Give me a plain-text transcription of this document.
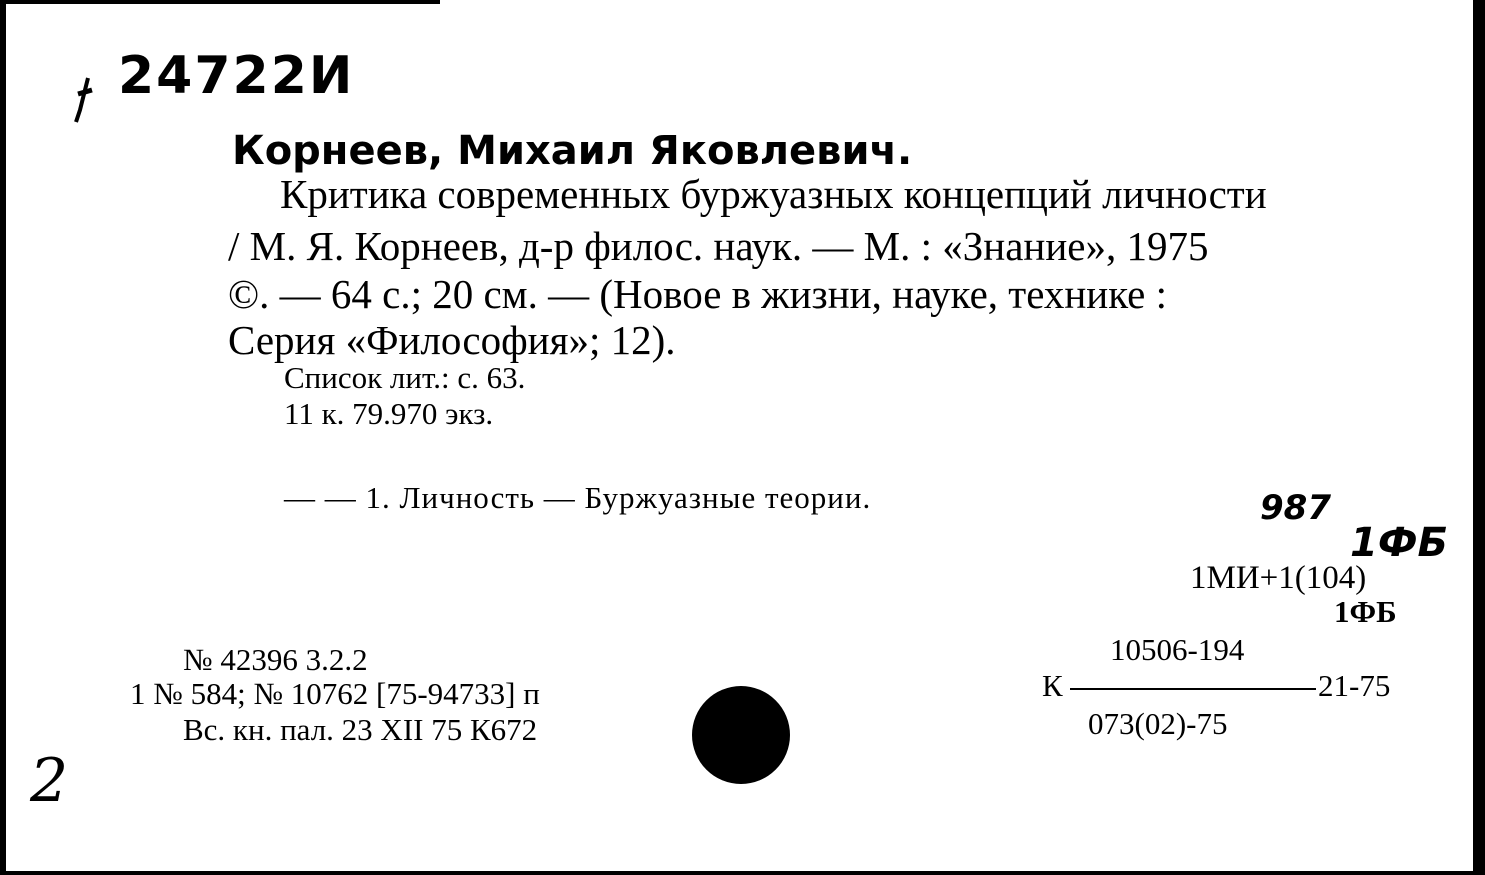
24722И
Корнеев, Михаил Яковлевич.
Критика современных буржуазных концепций личности
/ М. Я. Корнеев, д-р филос. наук. — М. : «Знание», 1975
©. — 64 с.; 20 см. — (Новое в жизни, науке, технике :
Серия «Философия»; 12).
Список лит.: с. 63.
11 к. 79.970 экз.
— — 1. Личность — Буржуазные теории.
№ 42396 3.2.2
1 № 584; № 10762 [75-94733] п
Вс. кн. пал. 23 XII 75 К672
987
1ФБ
1МИ+1(104)
1ФБ
10506-194
К	21-75
073(02)-75
2
